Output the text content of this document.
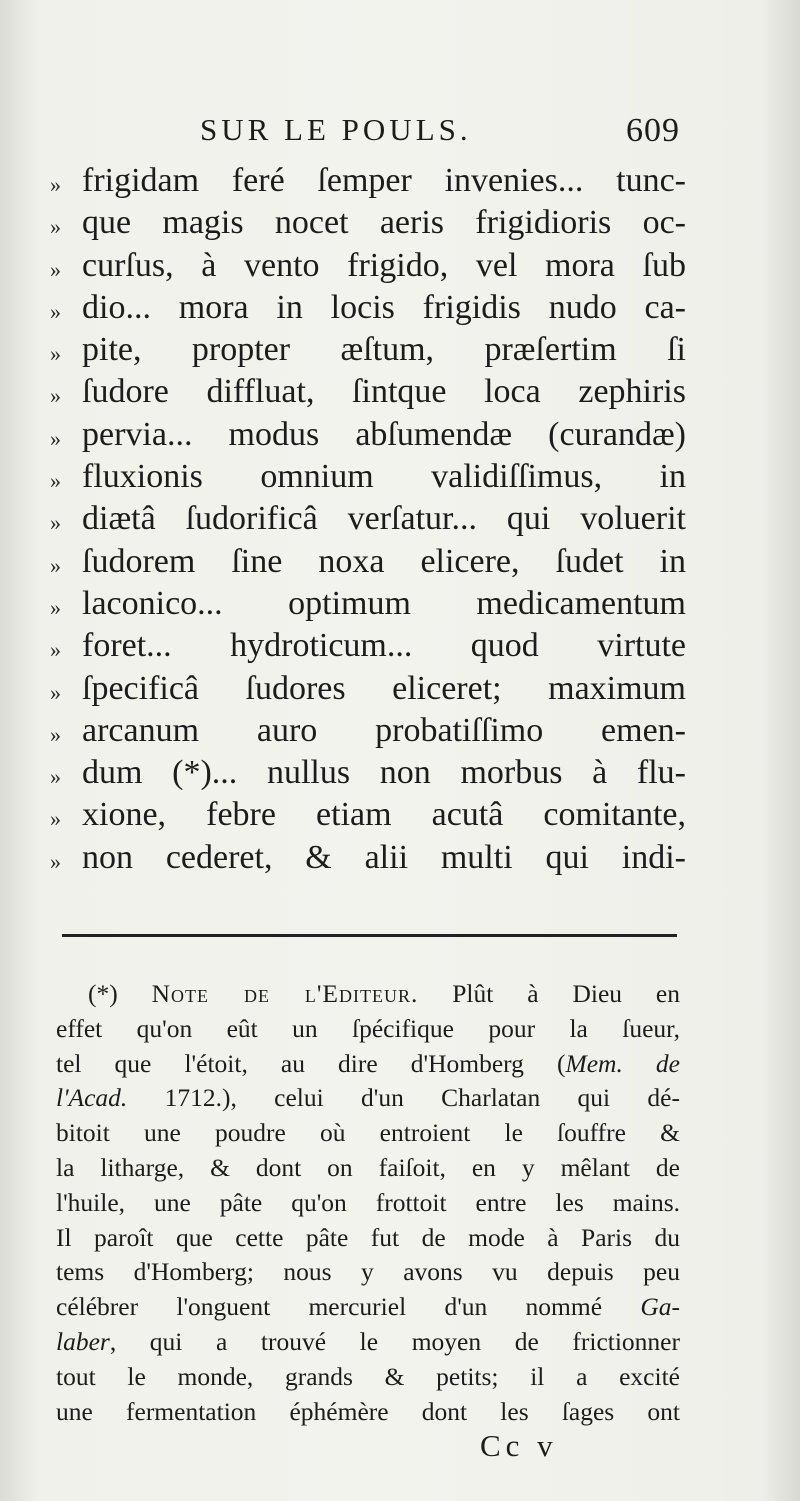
SUR LE POULS.	609
» frigidam feré ſemper invenies... tunc-
» que magis nocet aeris frigidioris oc-
» curſus, à vento frigido, vel mora ſub
» dio... mora in locis frigidis nudo ca-
» pite, propter æſtum, præſertim ſi
» ſudore diffluat, ſintque loca zephiris
» pervia... modus abſumendæ (curandæ)
» fluxionis omnium validiſſimus, in
» diætâ ſudorificâ verſatur... qui voluerit
» ſudorem ſine noxa elicere, ſudet in
» laconico... optimum medicamentum
» foret... hydroticum... quod virtute
» ſpecificâ ſudores eliceret; maximum
» arcanum auro probatiſſimo emen-
» dum (*)... nullus non morbus à flu-
» xione, febre etiam acutâ comitante,
» non cederet, & alii multi qui indi-
(*) Note de l'Editeur. Plût à Dieu en
effet qu'on eût un ſpécifique pour la ſueur,
tel que l'étoit, au dire d'Homberg (Mem. de
l'Acad. 1712.), celui d'un Charlatan qui dé-
bitoit une poudre où entroient le ſouffre &
la litharge, & dont on faiſoit, en y mêlant de
l'huile, une pâte qu'on frottoit entre les mains.
Il paroît que cette pâte fut de mode à Paris du
tems d'Homberg; nous y avons vu depuis peu
célébrer l'onguent mercuriel d'un nommé Ga-
laber, qui a trouvé le moyen de frictionner
tout le monde, grands & petits; il a excité
une fermentation éphémère dont les ſages ont
Cc v
